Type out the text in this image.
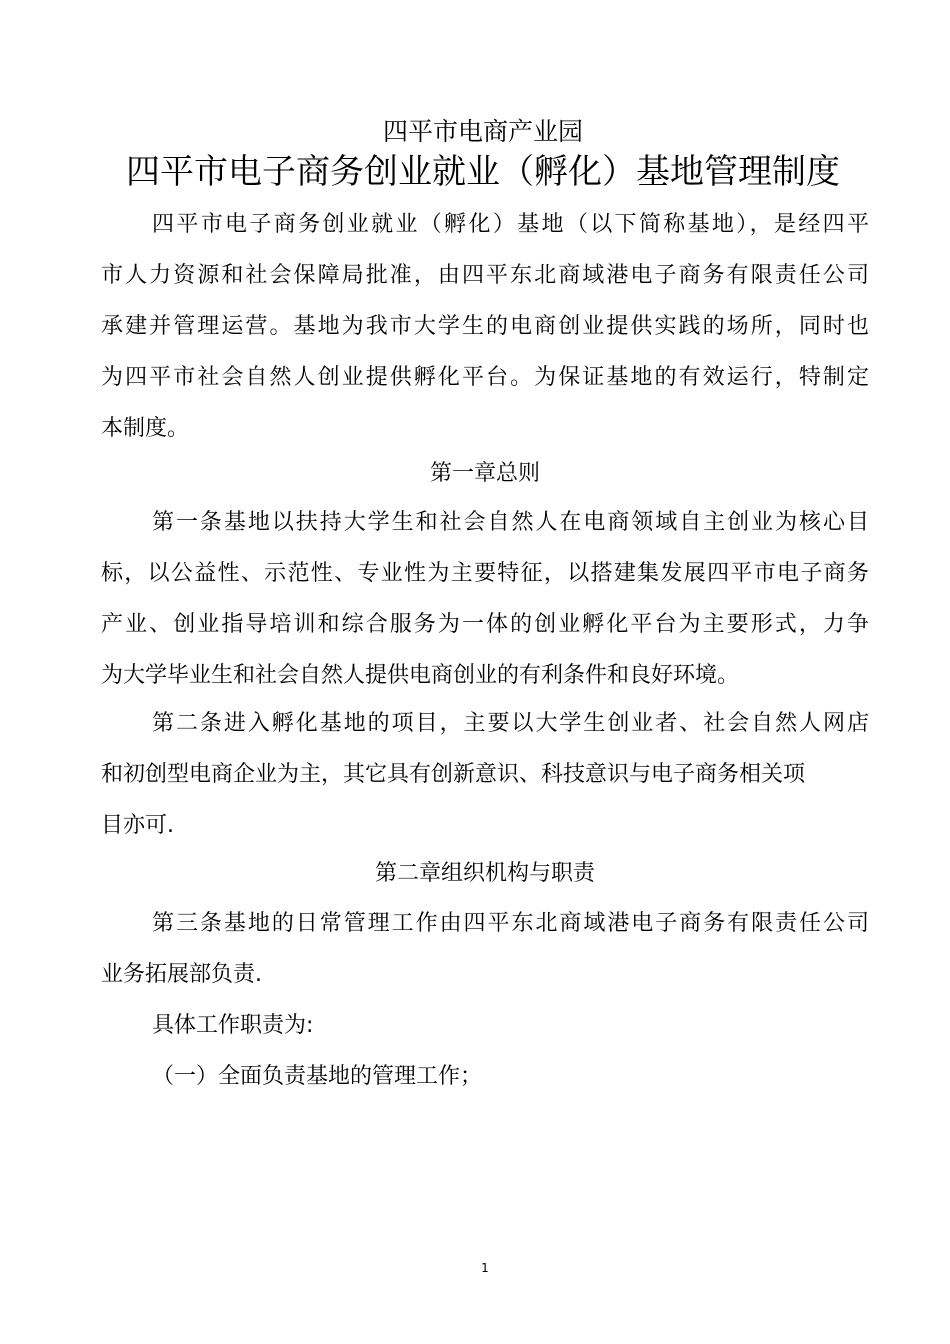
四平市电商产业园
四平市电子商务创业就业（孵化）基地管理制度
四平市电子商务创业就业（孵化）基地（以下简称基地），是经四平
市人力资源和社会保障局批准，由四平东北商域港电子商务有限责任公司
承建并管理运营。基地为我市大学生的电商创业提供实践的场所，同时也
为四平市社会自然人创业提供孵化平台。为保证基地的有效运行，特制定
本制度。
第一章总则
第一条基地以扶持大学生和社会自然人在电商领域自主创业为核心目
标，以公益性、示范性、专业性为主要特征，以搭建集发展四平市电子商务
产业、创业指导培训和综合服务为一体的创业孵化平台为主要形式，力争
为大学毕业生和社会自然人提供电商创业的有利条件和良好环境。
第二条进入孵化基地的项目，主要以大学生创业者、社会自然人网店
和初创型电商企业为主，其它具有创新意识、科技意识与电子商务相关项
目亦可.
第二章组织机构与职责
第三条基地的日常管理工作由四平东北商域港电子商务有限责任公司
业务拓展部负责.
具体工作职责为:
（一）全面负责基地的管理工作；
1
